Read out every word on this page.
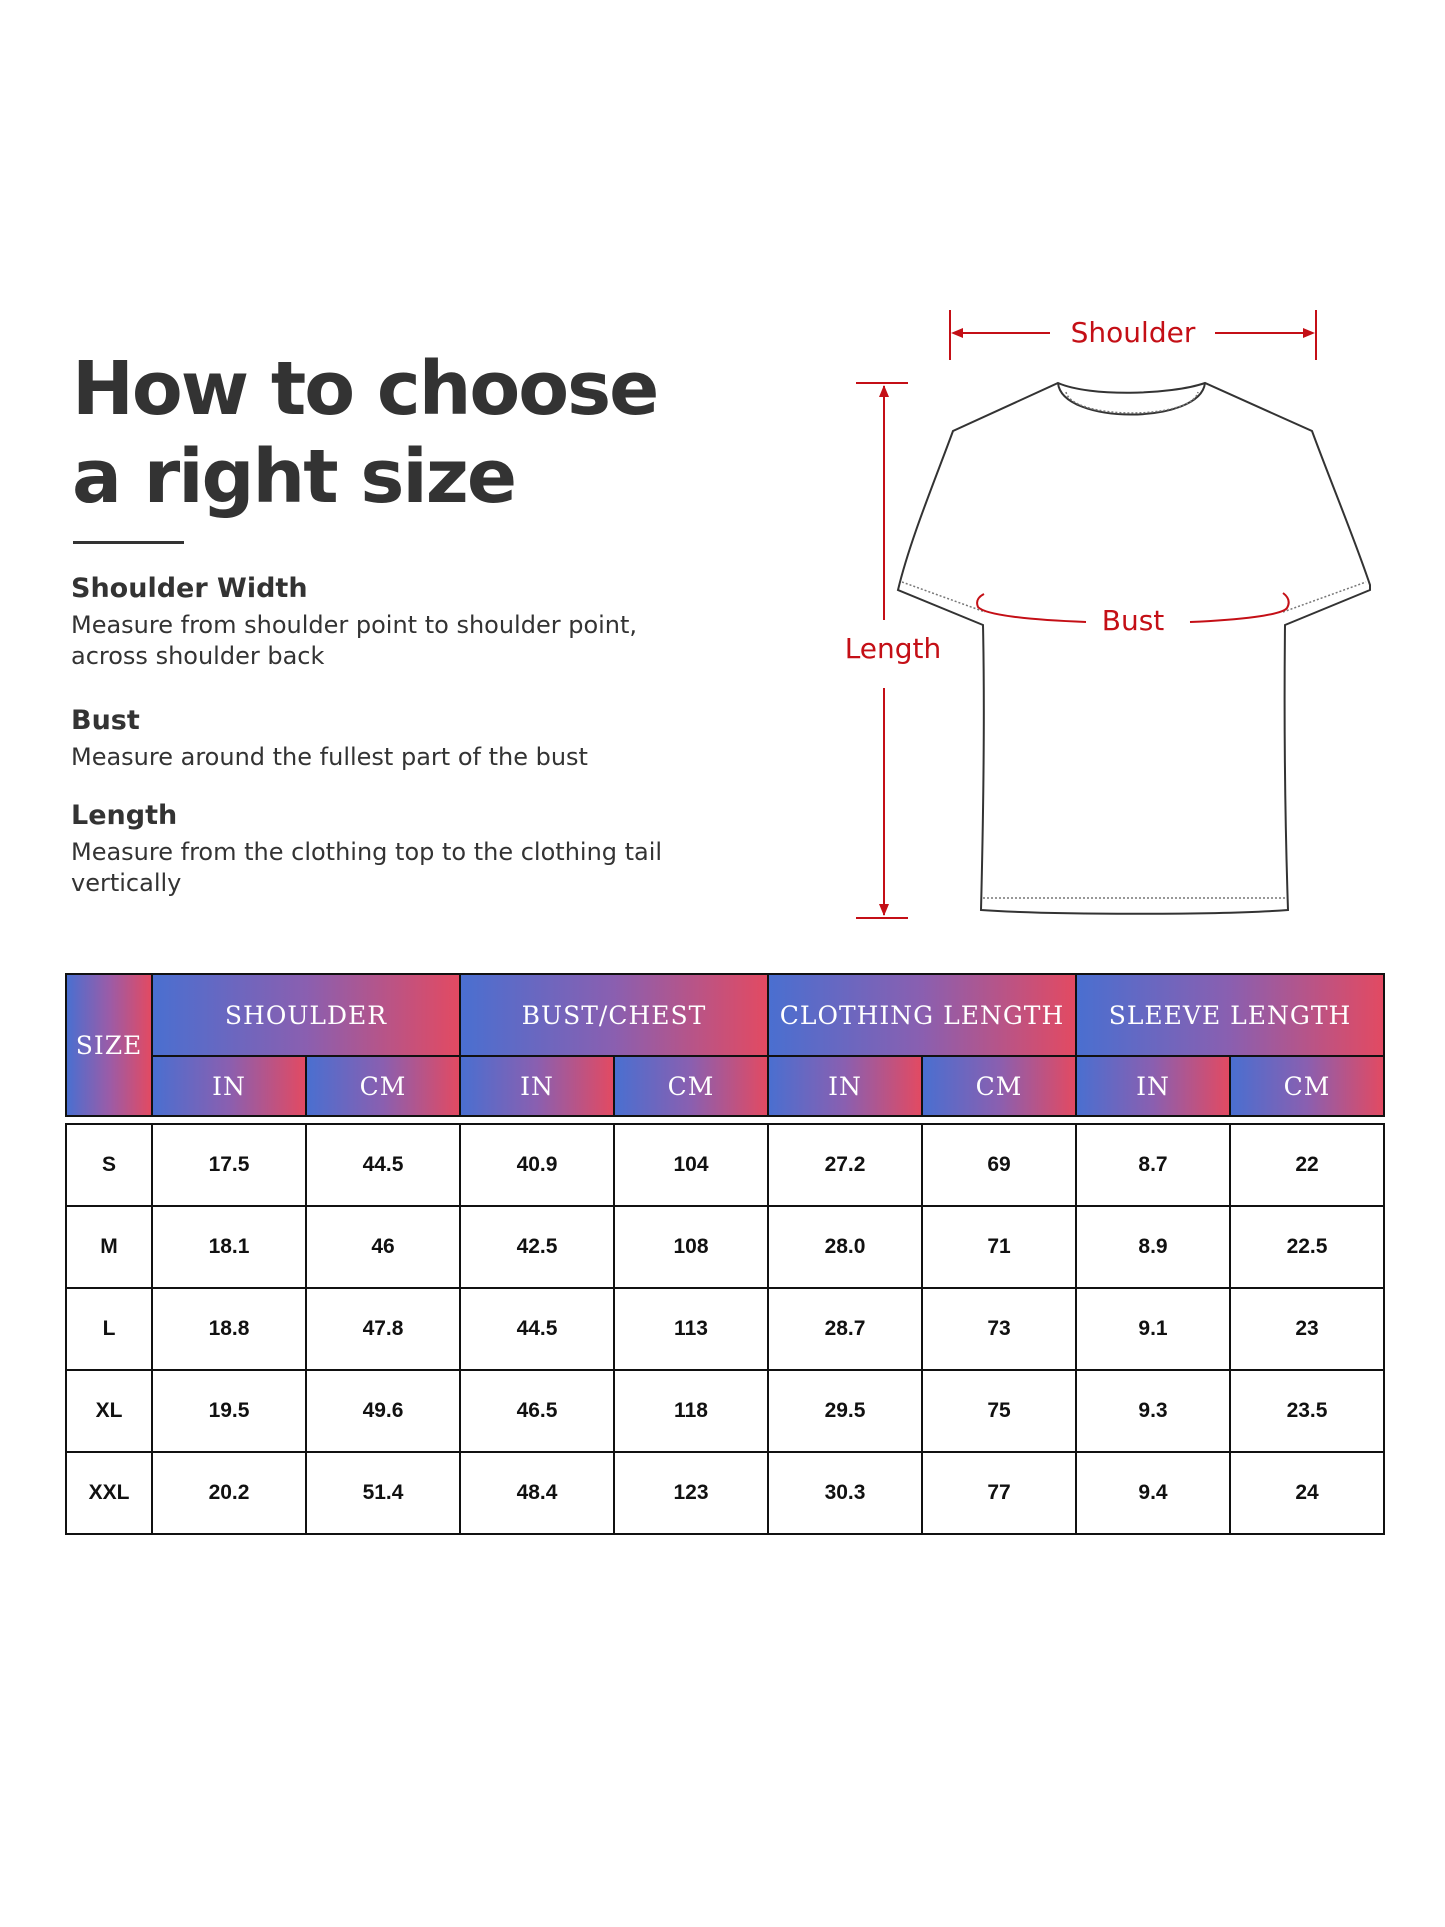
How to choose
a right size
Shoulder Width

Measure from shoulder point to shoulder point, across shoulder back

Bust

Measure around the fullest part of the bust

Length

Measure from the clothing top to the clothing tail vertically

Shoulder
Length
Bust
SIZE	SHOULDER		BUST/CHEST		CLOTHING LENGTH		SLEEVE LENGTH	
	IN	CM	IN	CM	IN	CM	IN	CM

S	17.5	44.5	40.9	104	27.2	69	8.7	22
M	18.1	46	42.5	108	28.0	71	8.9	22.5
L	18.8	47.8	44.5	113	28.7	73	9.1	23
XL	19.5	49.6	46.5	118	29.5	75	9.3	23.5
XXL	20.2	51.4	48.4	123	30.3	77	9.4	24
